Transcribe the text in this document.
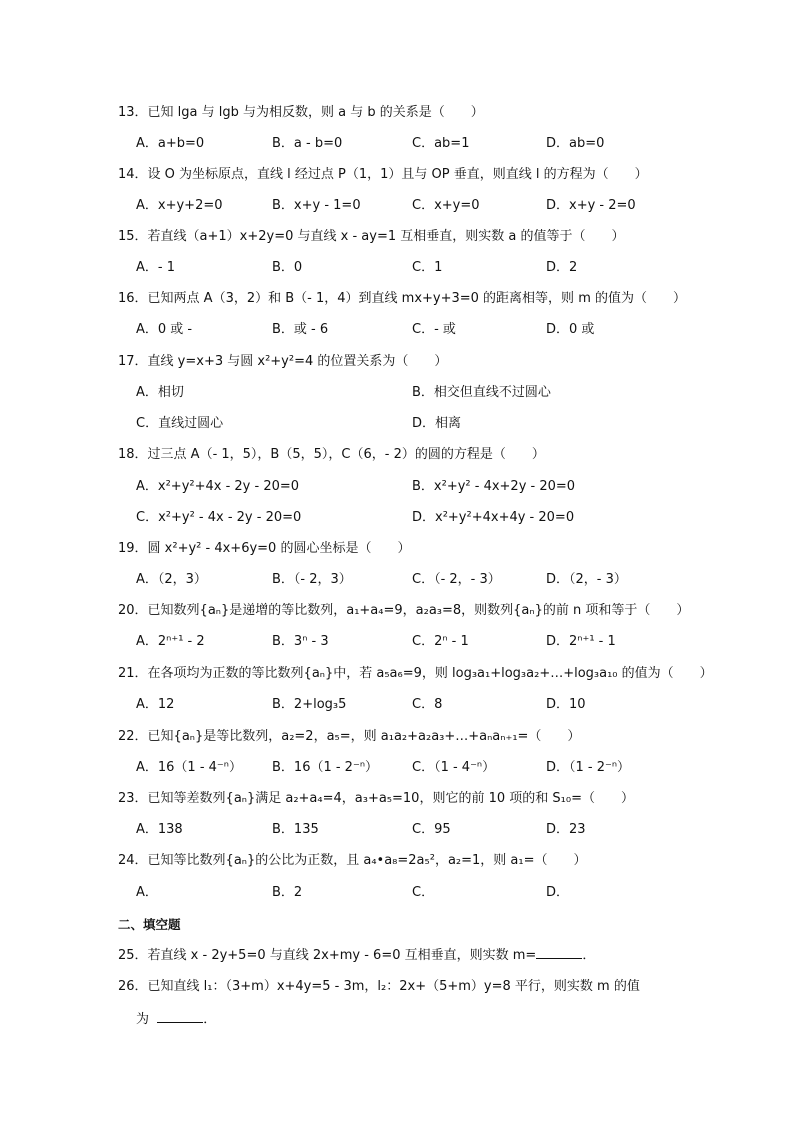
13．已知 lga 与 lgb 与为相反数，则 a 与 b 的关系是（　　）
A．a+b=0	B．a - b=0	C．ab=1	D．ab=0
14．设 O 为坐标原点，直线 l 经过点 P（1，1）且与 OP 垂直，则直线 l 的方程为（　　）
A．x+y+2=0	B．x+y - 1=0	C．x+y=0	D．x+y - 2=0
15．若直线（a+1）x+2y=0 与直线 x - ay=1 互相垂直，则实数 a 的值等于（　　）
A．- 1	B．0	C．1	D．2
16．已知两点 A（3，2）和 B（- 1，4）到直线 mx+y+3=0 的距离相等，则 m 的值为（　　）
A．0 或 -	B．或 - 6	C．- 或	D．0 或
17．直线 y=x+3 与圆 x²+y²=4 的位置关系为（　　）
A．相切	B．相交但直线不过圆心
C．直线过圆心	D．相离
18．过三点 A（- 1，5），B（5，5），C（6，- 2）的圆的方程是（　　）
A．x²+y²+4x - 2y - 20=0	B．x²+y² - 4x+2y - 20=0
C．x²+y² - 4x - 2y - 20=0	D．x²+y²+4x+4y - 20=0
19．圆 x²+y² - 4x+6y=0 的圆心坐标是（　　）
A．（2，3）	B．（- 2，3）	C．（- 2，- 3）	D．（2，- 3）
20．已知数列{aₙ}是递增的等比数列，a₁+a₄=9，a₂a₃=8，则数列{aₙ}的前 n 项和等于（　　）
A．2ⁿ⁺¹ - 2	B．3ⁿ - 3	C．2ⁿ - 1	D．2ⁿ⁺¹ - 1
21．在各项均为正数的等比数列{aₙ}中，若 a₅a₆=9，则 log₃a₁+log₃a₂+…+log₃a₁₀ 的值为（　　）
A．12	B．2+log₃5	C．8	D．10
22．已知{aₙ}是等比数列，a₂=2，a₅=，则 a₁a₂+a₂a₃+…+aₙaₙ₊₁=（　　）
A．16（1 - 4⁻ⁿ） B．16（1 - 2⁻ⁿ）	C．（1 - 4⁻ⁿ）	D．（1 - 2⁻ⁿ）
23．已知等差数列{aₙ}满足 a₂+a₄=4，a₃+a₅=10，则它的前 10 项的和 S₁₀=（　　）
A．138	B．135	C．95	D．23
24．已知等比数列{aₙ}的公比为正数，且 a₄•a₈=2a₅²，a₂=1，则 a₁=（　　）
A．	B．2	C．	D．
二、填空题
25．若直线 x - 2y+5=0 与直线 2x+my - 6=0 互相垂直，则实数 m=	．
26．已知直线 l₁：（3+m）x+4y=5 - 3m，l₂：2x+（5+m）y=8 平行，则实数 m 的值
为	．
